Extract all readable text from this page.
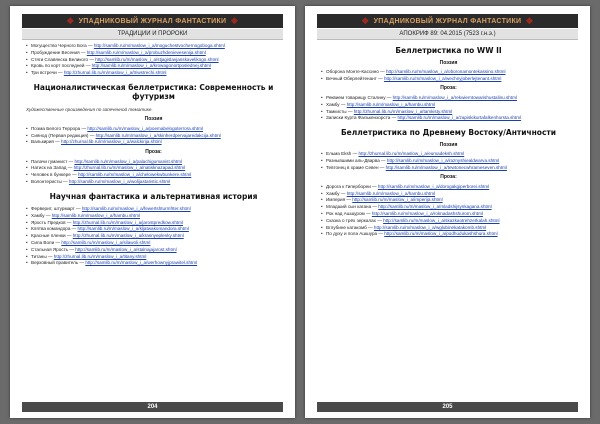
❖ УПАДНИКОВЫЙ ЖУРНАЛ ФАНТАСТИКИ ❖
ТРАДИЦИИ И ПРОРОКИ
• Могущество Черного Бога — http://samlib.ru/m/maslow_i_a/moguchestvochernogoboga.shtml
• Пробуждение Весения — http://samlib.ru/m/maslow_i_a/probuzhdenievesenija.shtml
• Стяги Славянска Великого — http://samlib.ru/m/maslow_i_a/stjagislavjanskavelikogo.shtml
• Кровь по корт последней — http://samlib.ru/m/maslow_i_a/krowagonortposlednej.shtml
• Три встречи — http://zhurnal.lib.ru/m/maslow_i_a/triwstrechi.shtml
Националистическая беллетристика: Современность и футуризм
Художественные произведения по запеченной тематике.
Поэзия
• Поэма Белого Террора — http://samlib.ru/m/maslow_i_a/poemabelogoterrora.shtml
• Сиянод (Первая редакция) — http://samlib.ru/m/maslow_i_a/skinherdpervajaredakcija.shtml
• Валькирия — http://zhurnal.lib.ru/m/maslow_i_a/walckirija.shtml
Проза:
• Палачи гуманист — http://samlib.ru/m/maslow_i_a/palachigumanist.shtml
• Натиск на Запад — http://zhurnal.lib.ru/m/maslow_i_a/natisknazapad.shtml
• Человек в бункере — http://samlib.ru/m/maslow_i_a/chelowekwbunkere.shtml
• Волонтеристы — http://samlib.ru/m/maslow_i_a/wolijastaristic.shtml
Научная фантастика и альтернативная история
• Ферверит, штурмарт — http://samlib.ru/m/maslow_i_a/fewertshturmfrter.shtml
• Хамбу — http://samlib.ru/m/maslow_i_a/hambu.shtml
• Ярость Предков — http://zhurnal.lib.ru/m/maslow_i_a/jarostpredkow.shtml
• Клятва командора — http://samlib.ru/m/maslow_i_a/kljatwakomandora.shtml
• Красные пленки — http://zhurnal.lib.ru/m/maslow_i_a/krasnyeplenky.shtml
• Сила Воли — http://samlib.ru/m/maslow_i_a/silawoli.shtml
• Стальная Ярость — http://samlib.ru/m/maslow_i_a/stalnajajarost.shtml
• Титаны — http://zhurnal.lib.ru/m/maslow_i_a/titany.shtml
• Верховный правитель — http://samlib.ru/m/maslow_i_a/werhownyjprawitel.shtml
204
❖ УПАДНИКОВЫЙ ЖУРНАЛ ФАНТАСТИКИ ❖
АПОКРИФ 89: 04.2015 (7523 г.н.э.)
Беллетристика по WW II
Поэзия
• Оборона Монте-Кассино — http://samlib.ru/m/maslow_i_a/oboronamontekassino.shtml
• Вечный Оберлейтенант — http://samlib.ru/m/maslow_i_a/wechnyjoberlejtenant.shtml
Проза:
• Реквием товарищу Сталину — http://samlib.ru/m/maslow_i_a/rekwiemtowarishustalinu.shtml
• Хамбу — http://samlib.ru/m/maslow_i_a/hambu.shtml
• Тамкисты — http://zhurnal.lib.ru/m/maslow_i_a/tamkisty.shtml
• Записки Курта Фалькенхорста — http://samlib.ru/m/maslow_i_a/zapiskikurtafalkenhorsta.shtml
Беллетристика по Древнему Востоку/Античности
Поэзия
• Ельма Eksh — http://zhurnal.lib.ru/m/maslow_i_a/eumadeksh.shtml
• Разнывшими аль-Дварва — http://samlib.ru/m/maslow_i_a/raznyshiealdwarva.shtml
• Тевтонец в храме Севен — http://samlib.ru/m/maslow_i_a/tewtonecwhrameseven.shtml
Проза:
• Дорога к Гипербореи — http://samlib.ru/m/maslow_i_a/dorogakgiperborei.shtml
• Хамбу — http://samlib.ru/m/maslow_i_a/hambu.shtml
• Империя — http://samlib.ru/m/maslow_i_a/imperija.shtml
• Младший сын кагана — http://samlib.ru/m/maslow_i_a/mladshijsynkagana.shtml
• Рок над Ашшуром — http://samlib.ru/m/maslow_i_a/roknadashshurom.shtml
• Сказка о трёх зеркалах — http://samlib.ru/m/maslow_i_a/skazkaotrehzerkalah.shtml
• Вглубине катакомб — http://samlib.ru/m/maslow_i_a/wglubinekatakomb.shtml
• По духу и пола Ашшура — http://samlib.ru/m/maslow_i_a/podhudukashshura.shtml
205
